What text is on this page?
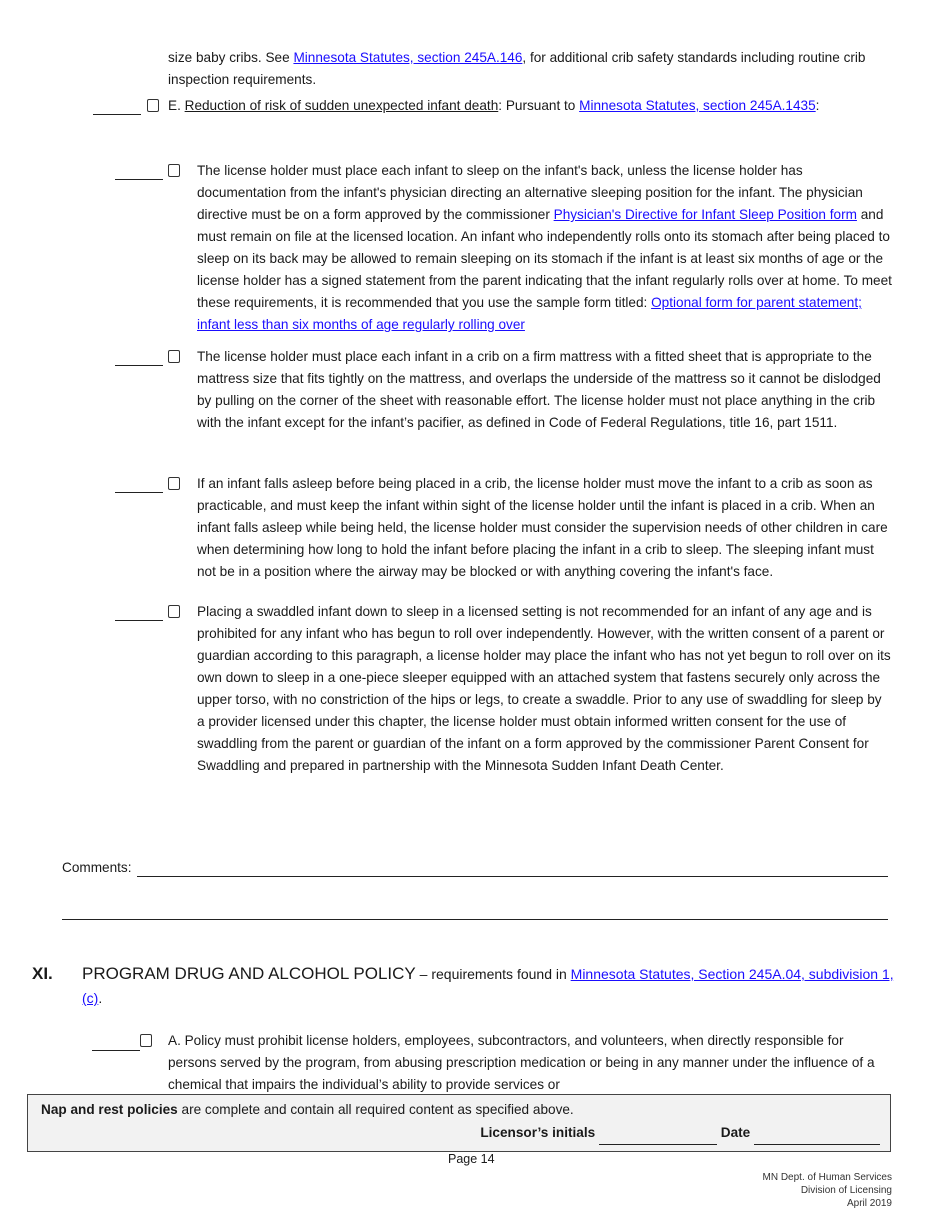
size baby cribs. See Minnesota Statutes, section 245A.146, for additional crib safety standards including routine crib inspection requirements.
E. Reduction of risk of sudden unexpected infant death: Pursuant to Minnesota Statutes, section 245A.1435:
The license holder must place each infant to sleep on the infant's back, unless the license holder has documentation from the infant's physician directing an alternative sleeping position for the infant. The physician directive must be on a form approved by the commissioner Physician's Directive for Infant Sleep Position form and must remain on file at the licensed location. An infant who independently rolls onto its stomach after being placed to sleep on its back may be allowed to remain sleeping on its stomach if the infant is at least six months of age or the license holder has a signed statement from the parent indicating that the infant regularly rolls over at home. To meet these requirements, it is recommended that you use the sample form titled: Optional form for parent statement; infant less than six months of age regularly rolling over
The license holder must place each infant in a crib on a firm mattress with a fitted sheet that is appropriate to the mattress size that fits tightly on the mattress, and overlaps the underside of the mattress so it cannot be dislodged by pulling on the corner of the sheet with reasonable effort. The license holder must not place anything in the crib with the infant except for the infant’s pacifier, as defined in Code of Federal Regulations, title 16, part 1511.
If an infant falls asleep before being placed in a crib, the license holder must move the infant to a crib as soon as practicable, and must keep the infant within sight of the license holder until the infant is placed in a crib. When an infant falls asleep while being held, the license holder must consider the supervision needs of other children in care when determining how long to hold the infant before placing the infant in a crib to sleep. The sleeping infant must not be in a position where the airway may be blocked or with anything covering the infant's face.
Placing a swaddled infant down to sleep in a licensed setting is not recommended for an infant of any age and is prohibited for any infant who has begun to roll over independently. However, with the written consent of a parent or guardian according to this paragraph, a license holder may place the infant who has not yet begun to roll over on its own down to sleep in a one-piece sleeper equipped with an attached system that fastens securely only across the upper torso, with no constriction of the hips or legs, to create a swaddle. Prior to any use of swaddling for sleep by a provider licensed under this chapter, the license holder must obtain informed written consent for the use of swaddling from the parent or guardian of the infant on a form approved by the commissioner Parent Consent for Swaddling and prepared in partnership with the Minnesota Sudden Infant Death Center.
Comments:
XI. PROGRAM DRUG AND ALCOHOL POLICY – requirements found in Minnesota Statutes, Section 245A.04, subdivision 1, (c).
A. Policy must prohibit license holders, employees, subcontractors, and volunteers, when directly responsible for persons served by the program, from abusing prescription medication or being in any manner under the influence of a chemical that impairs the individual’s ability to provide services or
Nap and rest policies are complete and contain all required content as specified above.
Licensor’s initials	Date
Page 14
MN Dept. of Human Services
Division of Licensing
April 2019
